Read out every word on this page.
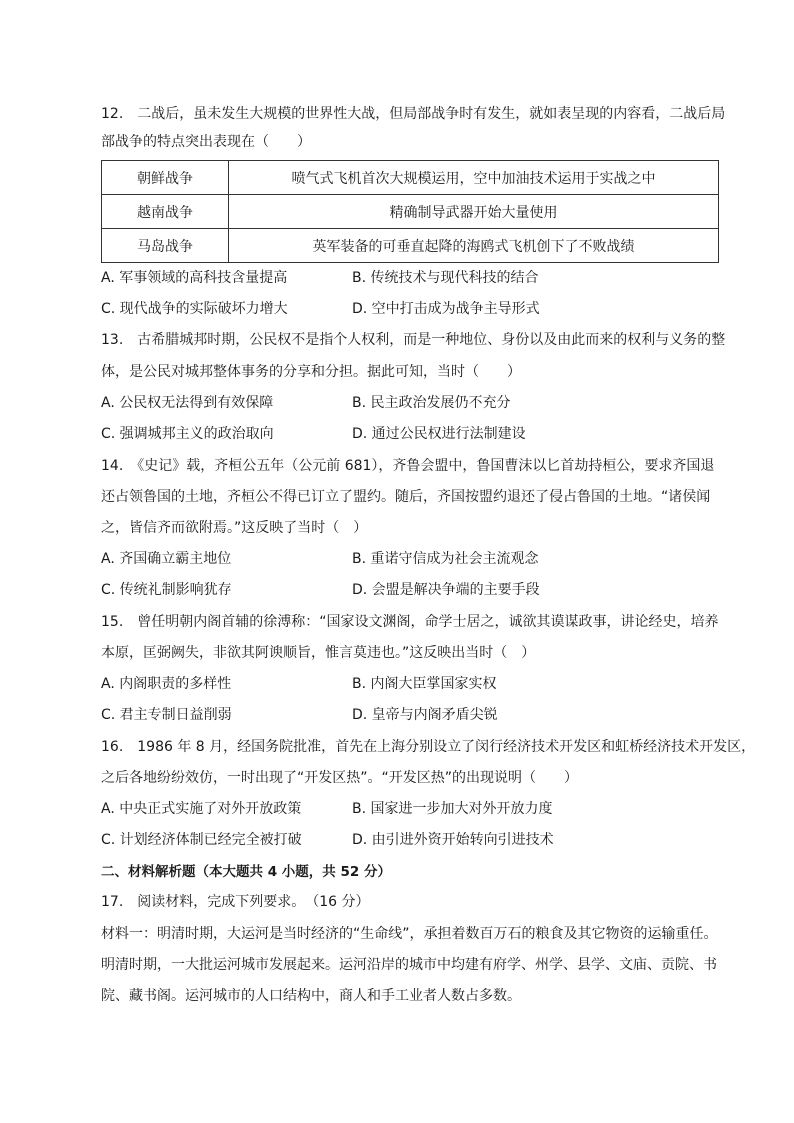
12.　二战后，虽未发生大规模的世界性大战，但局部战争时有发生，就如表呈现的内容看，二战后局
部战争的特点突出表现在（　　）
朝鲜战争	喷气式飞机首次大规模运用，空中加油技术运用于实战之中
越南战争	精确制导武器开始大量使用
马岛战争	英军装备的可垂直起降的海鸥式飞机创下了不败战绩
A. 军事领域的高科技含量提高	B. 传统技术与现代科技的结合
C. 现代战争的实际破坏力增大	D. 空中打击成为战争主导形式
13.　古希腊城邦时期，公民权不是指个人权利，而是一种地位、身份以及由此而来的权利与义务的整
体，是公民对城邦整体事务的分享和分担。据此可知，当时（　　）
A. 公民权无法得到有效保障	B. 民主政治发展仍不充分
C. 强调城邦主义的政治取向	D. 通过公民权进行法制建设
14.　《史记》载，齐桓公五年（公元前 681），齐鲁会盟中，鲁国曹沫以匕首劫持桓公，要求齐国退
还占领鲁国的土地，齐桓公不得已订立了盟约。随后，齐国按盟约退还了侵占鲁国的土地。“诸侯闻
之，皆信齐而欲附焉。”这反映了当时（　）
A. 齐国确立霸主地位	B. 重诺守信成为社会主流观念
C. 传统礼制影响犹存	D. 会盟是解决争端的主要手段
15.　曾任明朝内阁首辅的徐溥称：“国家设文渊阁，命学士居之，诚欲其谟谋政事，讲论经史，培养
本原，匡弼阙失，非欲其阿谀顺旨，惟言莫违也。”这反映出当时（　）
A. 内阁职责的多样性	B. 内阁大臣掌国家实权
C. 君主专制日益削弱	D. 皇帝与内阁矛盾尖锐
16.　1986 年 8 月，经国务院批准，首先在上海分别设立了闵行经济技术开发区和虹桥经济技术开发区，
之后各地纷纷效仿，一时出现了“开发区热”。“开发区热”的出现说明（　　）
A. 中央正式实施了对外开放政策	B. 国家进一步加大对外开放力度
C. 计划经济体制已经完全被打破	D. 由引进外资开始转向引进技术
二、材料解析题（本大题共 4 小题，共 52 分）
17.　阅读材料，完成下列要求。　（16 分）
材料一：明清时期，大运河是当时经济的“生命线”，承担着数百万石的粮食及其它物资的运输重任。
明清时期，一大批运河城市发展起来。运河沿岸的城市中均建有府学、州学、县学、文庙、贡院、书
院、藏书阁。运河城市的人口结构中，商人和手工业者人数占多数。
